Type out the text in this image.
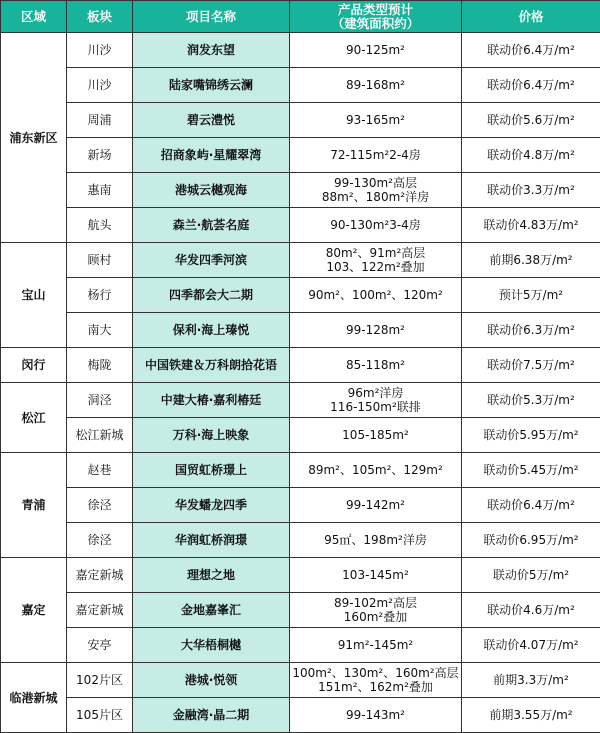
区域	板块	项目名称	产品类型预计
（建筑面积约）	价格
浦东新区	川沙	润发东望	90-125m²	联动价6.4万/m²
	川沙	陆家嘴锦绣云澜	89-168m²	联动价6.4万/m²
	周浦	碧云澧悦	93-165m²	联动价5.6万/m²
	新场	招商象屿·星耀翠湾	72-115m²2-4房	联动价4.8万/m²
	惠南	港城云樾观海	99-130m²高层
88m²、180m²洋房	联动价3.3万/m²
	航头	森兰·航荟名庭	90-130m²3-4房	联动价4.83万/m²
宝山	顾村	华发四季河滨	80m²、91m²高层
103、122m²叠加	前期6.38万/m²
	杨行	四季都会大二期	90m²、100m²、120m²	预计5万/m²
	南大	保利·海上瑧悦	99-128m²	联动价6.3万/m²
闵行	梅陇	中国铁建＆万科朗拾花语	85-118m²	联动价7.5万/m²
松江	洞泾	中建大椿·嘉利椿廷	96m²洋房
116-150m²联排	联动价5.3万/m²
	松江新城	万科·海上映象	105-185m²	联动价5.95万/m²
青浦	赵巷	国贸虹桥璟上	89m²、105m²、129m²	联动价5.45万/m²
	徐泾	华发蟠龙四季	99-142m²	联动价6.4万/m²
	徐泾	华润虹桥润璟	95㎡、198m²洋房	联动价6.95万/m²
嘉定	嘉定新城	理想之地	103-145m²	联动价5万/m²
	嘉定新城	金地嘉峯汇	89-102m²高层
160m²叠加	联动价4.6万/m²
	安亭	大华梧桐樾	91m²-145m²	联动价4.07万/m²
临港新城	102片区	港城·悦领	100m²、130m²、160m²高层
151m²、162m²叠加	前期3.3万/m²
	105片区	金融湾·晶二期	99-143m²	前期3.55万/m²
